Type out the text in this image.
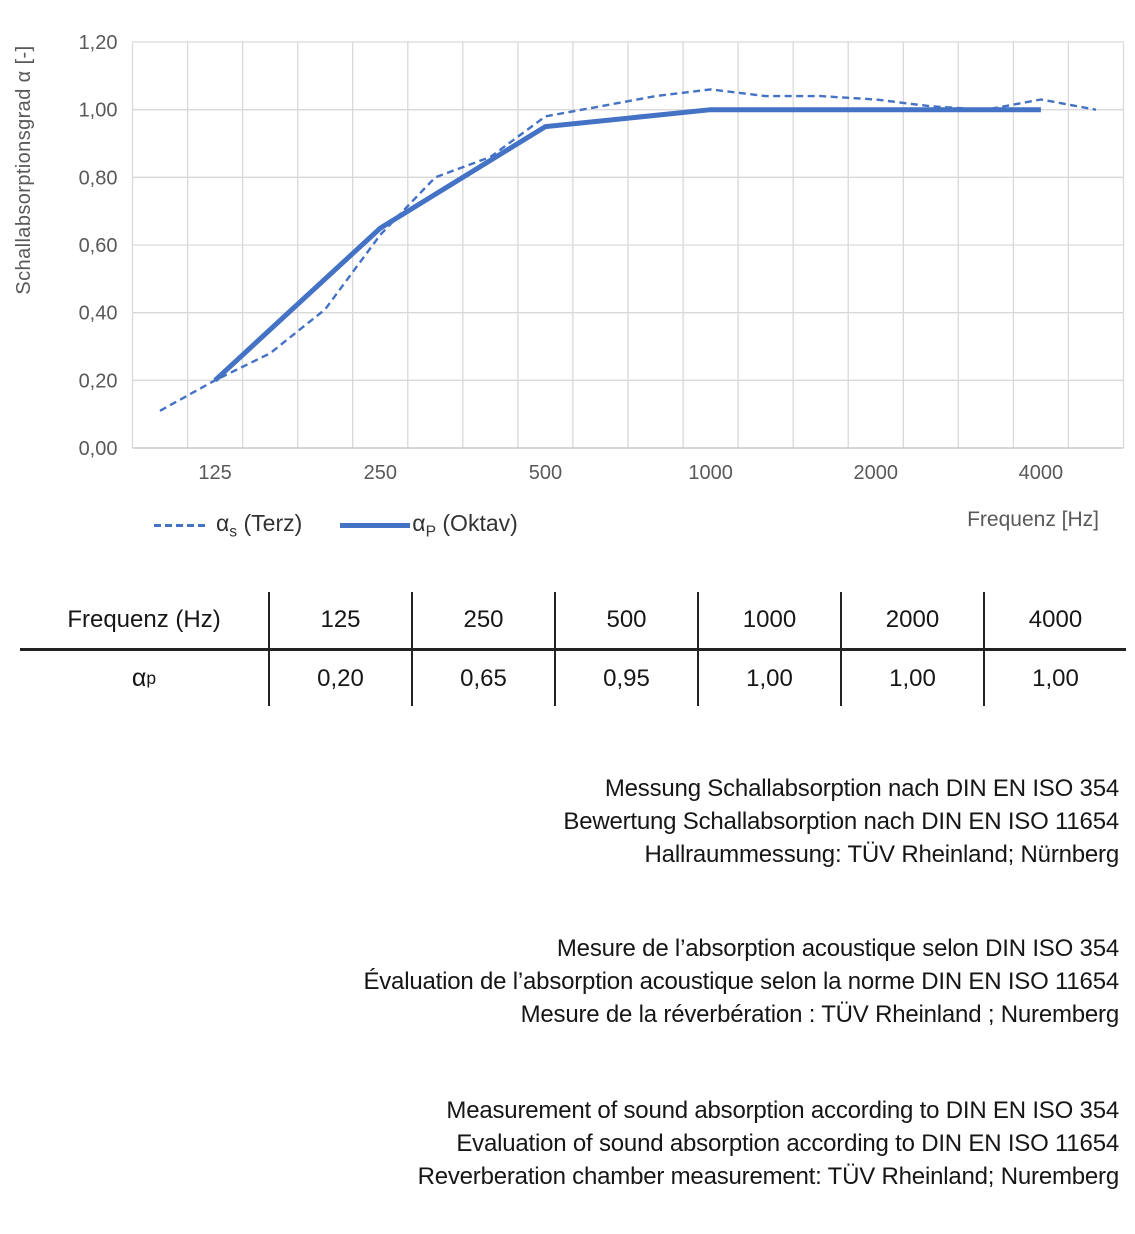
0,00
0,20
0,40
0,60
0,80
1,00
1,20
125	250	500	1000	2000	4000
Schallabsorptionsgrad α [-]
$\alpha_s$ (Terz)	$\alpha_P$ (Oktav)	Frequenz [Hz]
Frequenz (Hz)	125	250	500	1000	2000	4000
α p	0,20	0,65	0,95	1,00	1,00	1,00
Messung Schallabsorption nach DIN EN ISO 354
Bewertung Schallabsorption nach DIN EN ISO 11654
Hallraummessung: TÜV Rheinland; Nürnberg
Mesure de l’absorption acoustique selon DIN ISO 354
Évaluation de l’absorption acoustique selon la norme DIN EN ISO 11654
Mesure de la réverbération : TÜV Rheinland ; Nuremberg
Measurement of sound absorption according to DIN EN ISO 354
Evaluation of sound absorption according to DIN EN ISO 11654
Reverberation chamber measurement: TÜV Rheinland; Nuremberg
